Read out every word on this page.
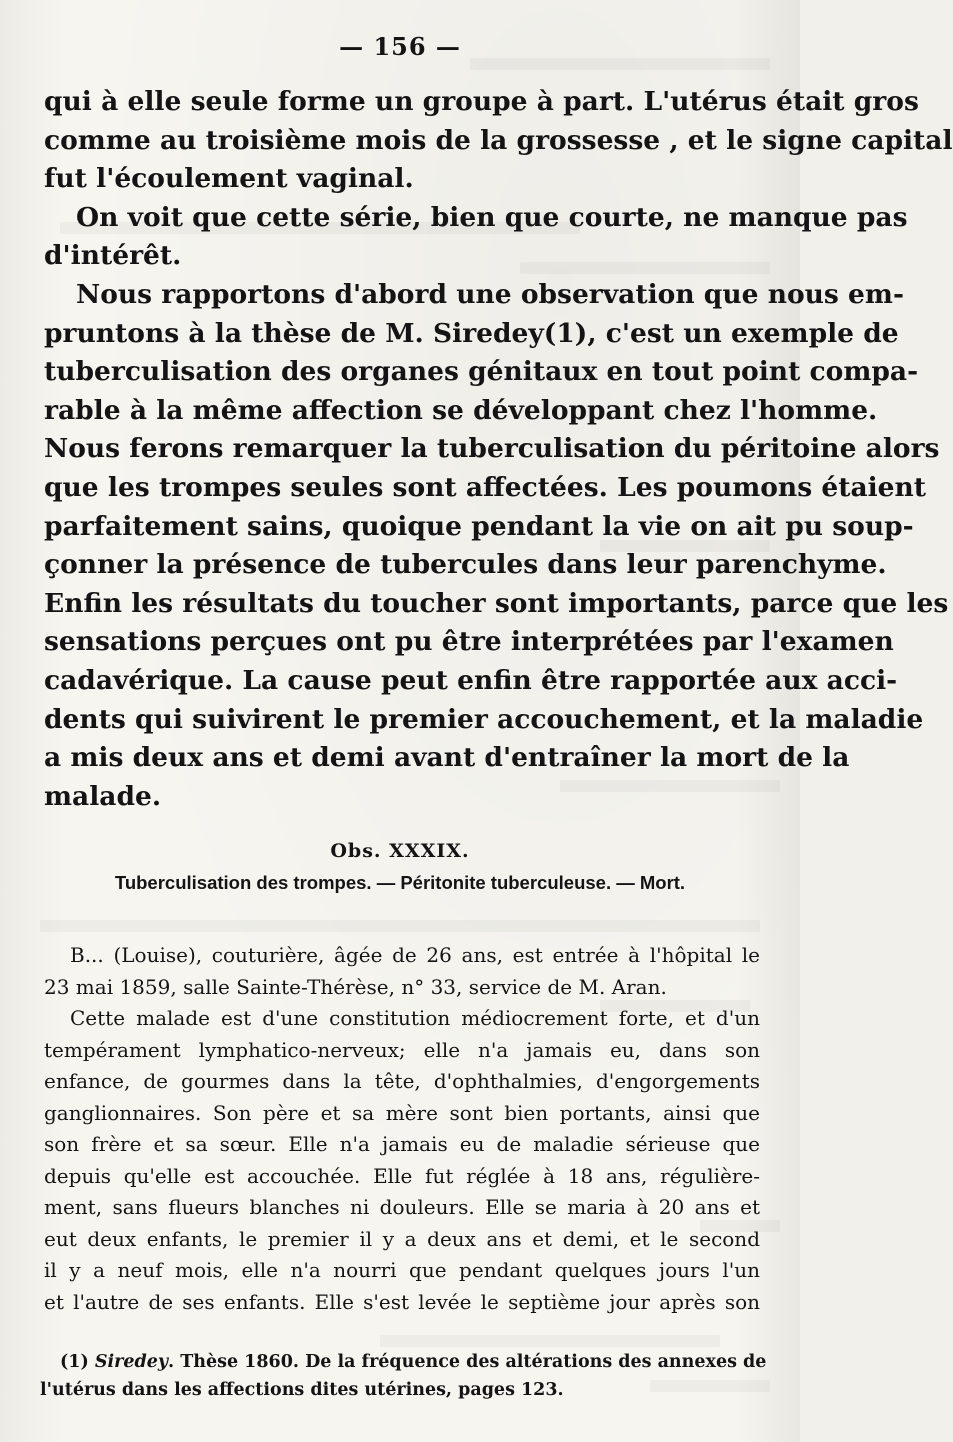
— 156 —
qui à elle seule forme un groupe à part. L'utérus était gros
comme au troisième mois de la grossesse , et le signe capital
fut l'écoulement vaginal.
On voit que cette série, bien que courte, ne manque pas
d'intérêt.
Nous rapportons d'abord une observation que nous em-
pruntons à la thèse de M. Siredey(1), c'est un exemple de
tuberculisation des organes génitaux en tout point compa-
rable à la même affection se développant chez l'homme.
Nous ferons remarquer la tuberculisation du péritoine alors
que les trompes seules sont affectées. Les poumons étaient
parfaitement sains, quoique pendant la vie on ait pu soup-
çonner la présence de tubercules dans leur parenchyme.
Enfin les résultats du toucher sont importants, parce que les
sensations perçues ont pu être interprétées par l'examen
cadavérique. La cause peut enfin être rapportée aux acci-
dents qui suivirent le premier accouchement, et la maladie
a mis deux ans et demi avant d'entraîner la mort de la
malade.
Obs. XXXIX.
Tuberculisation des trompes. — Péritonite tuberculeuse. — Mort.
B... (Louise), couturière, âgée de 26 ans, est entrée à l'hôpital le
23 mai 1859, salle Sainte-Thérèse, n° 33, service de M. Aran.
Cette malade est d'une constitution médiocrement forte, et d'un
tempérament lymphatico-nerveux; elle n'a jamais eu, dans son
enfance, de gourmes dans la tête, d'ophthalmies, d'engorgements
ganglionnaires. Son père et sa mère sont bien portants, ainsi que
son frère et sa sœur. Elle n'a jamais eu de maladie sérieuse que
depuis qu'elle est accouchée. Elle fut réglée à 18 ans, régulière-
ment, sans flueurs blanches ni douleurs. Elle se maria à 20 ans et
eut deux enfants, le premier il y a deux ans et demi, et le second
il y a neuf mois, elle n'a nourri que pendant quelques jours l'un
et l'autre de ses enfants. Elle s'est levée le septième jour après son
(1) Siredey. Thèse 1860. De la fréquence des altérations des annexes de
l'utérus dans les affections dites utérines, pages 123.
